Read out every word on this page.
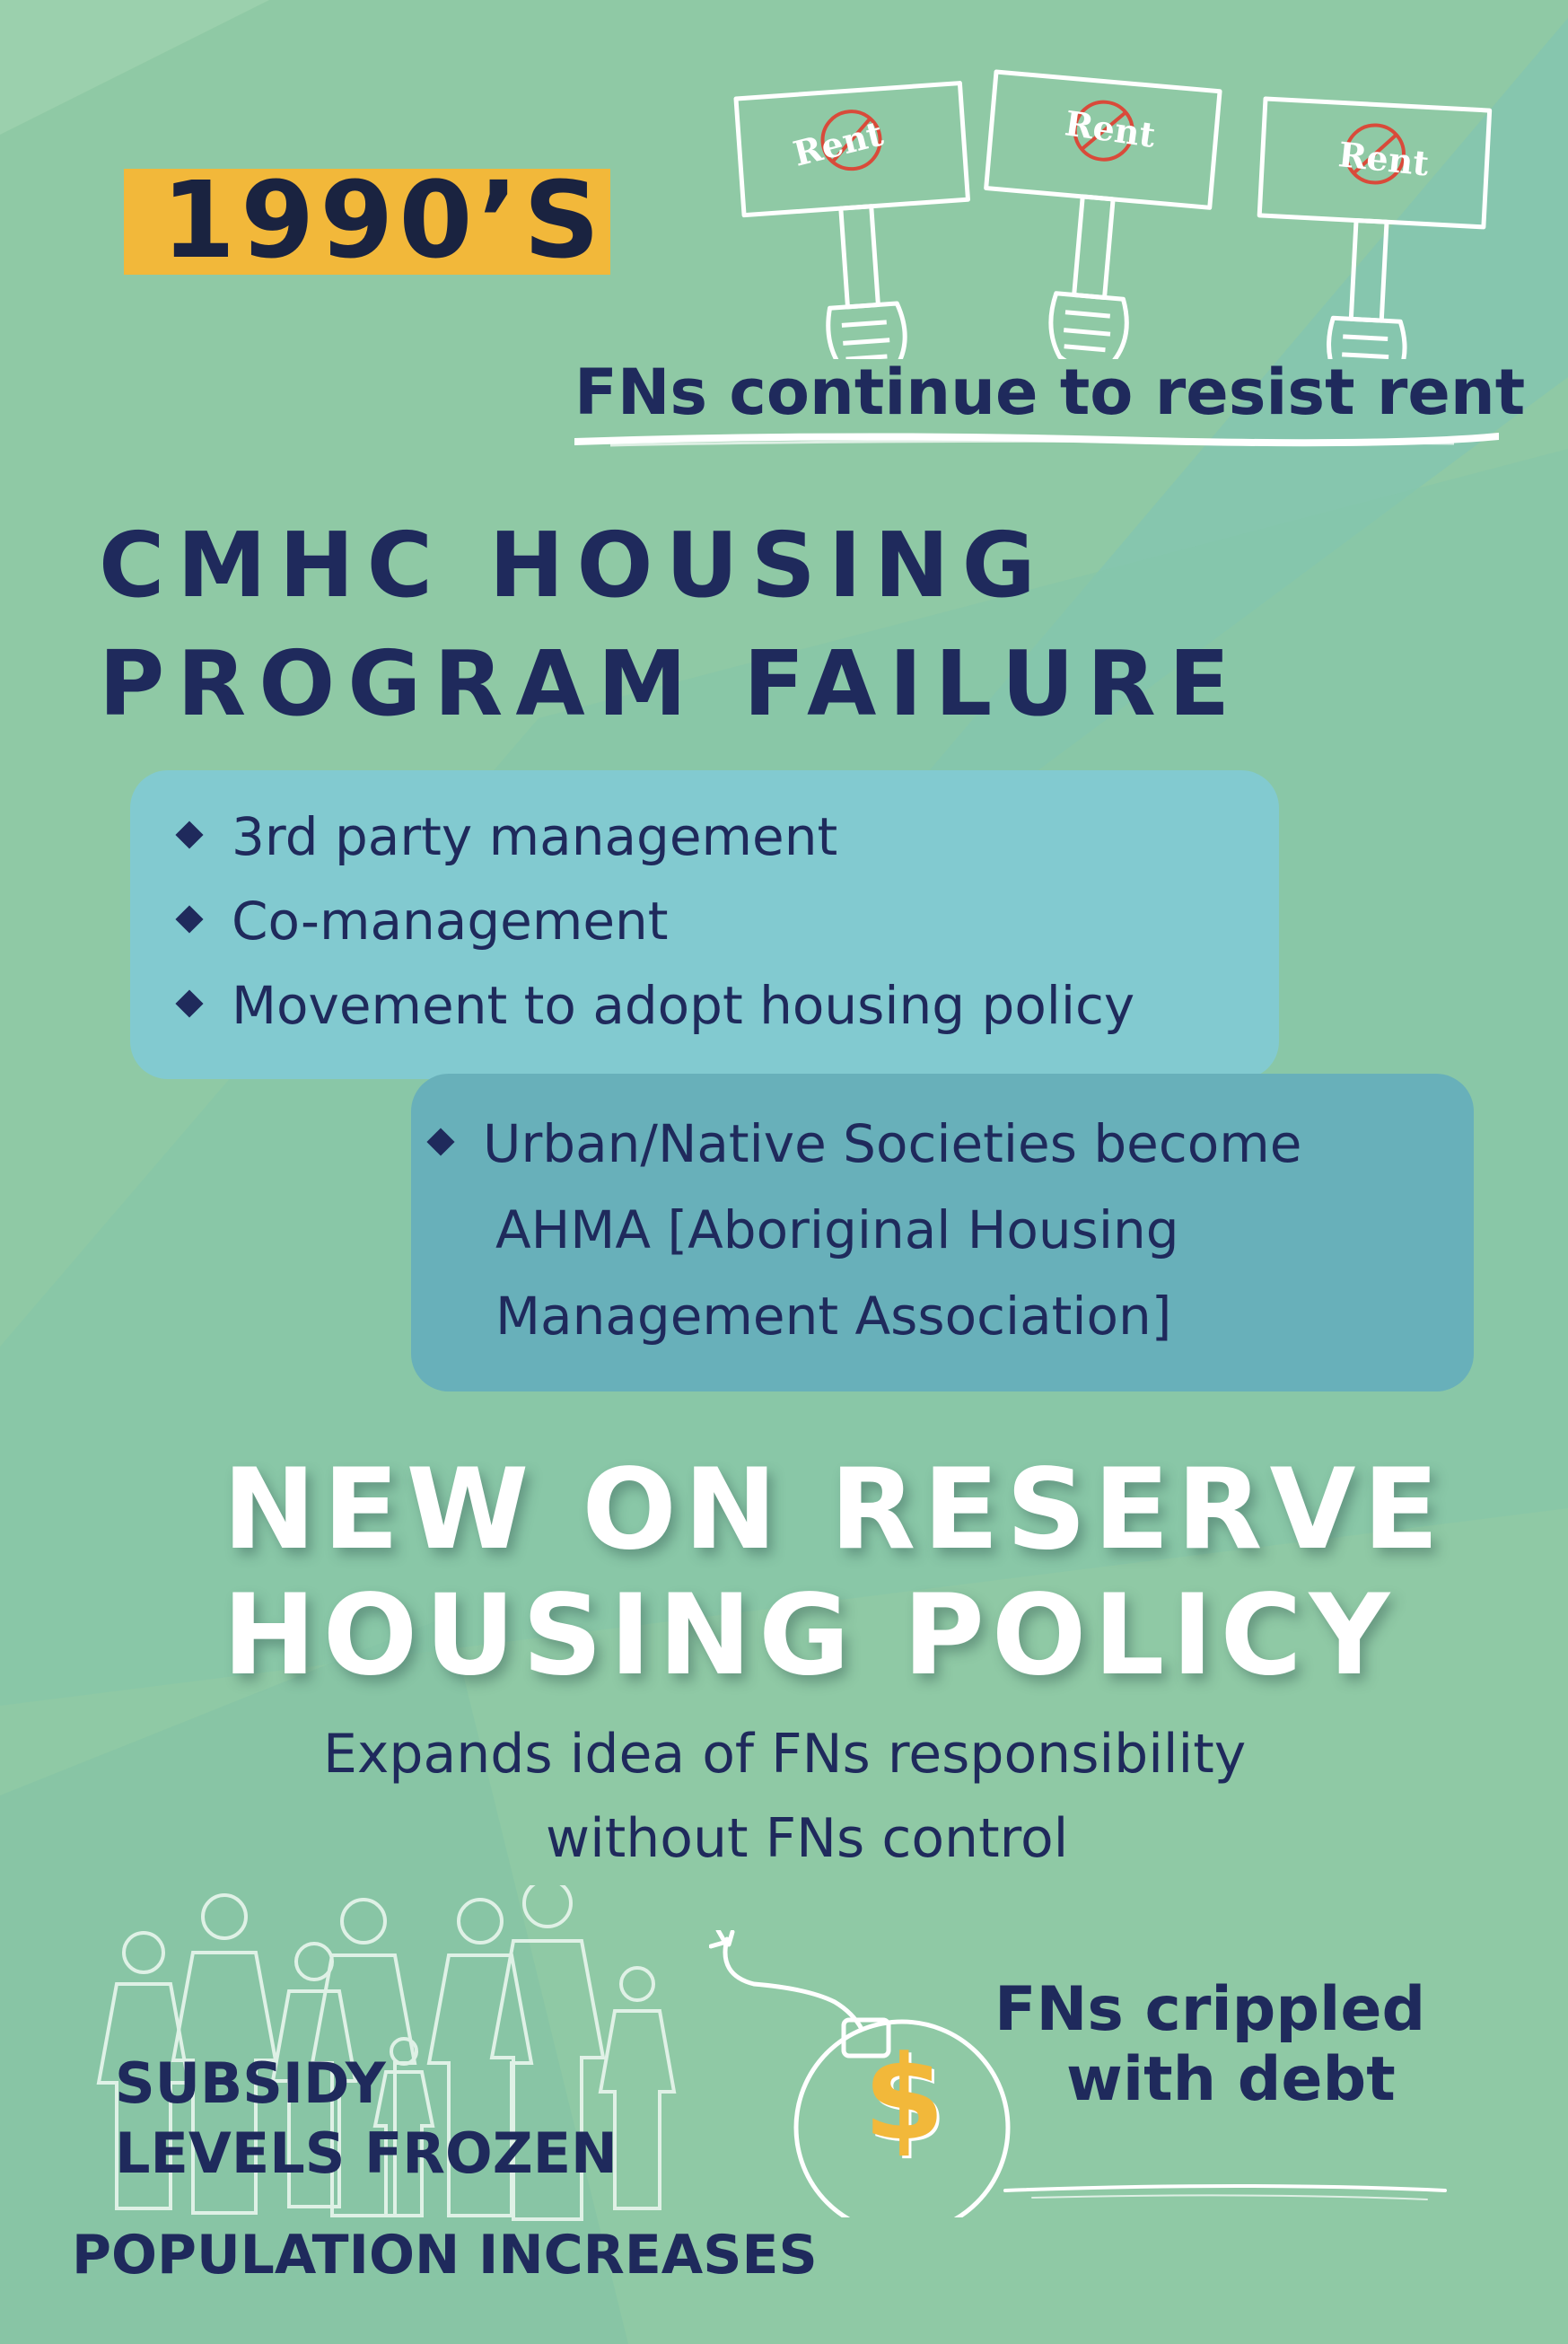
1990’S
Rent	Rent
Rent
FNs continue to resist rent
CMHC HOUSING
PROGRAM FAILURE
3rd party management
Co-management
Movement to adopt housing policy
Urban/Native Societies become
AHMA [Aboriginal Housing
Management Association]
NEW ON RESERVE
HOUSING POLICY
Expands idea of FNs responsibility
without FNs control
SUBSIDY
LEVELS FROZEN
POPULATION INCREASES
$
FNs crippled
with debt
